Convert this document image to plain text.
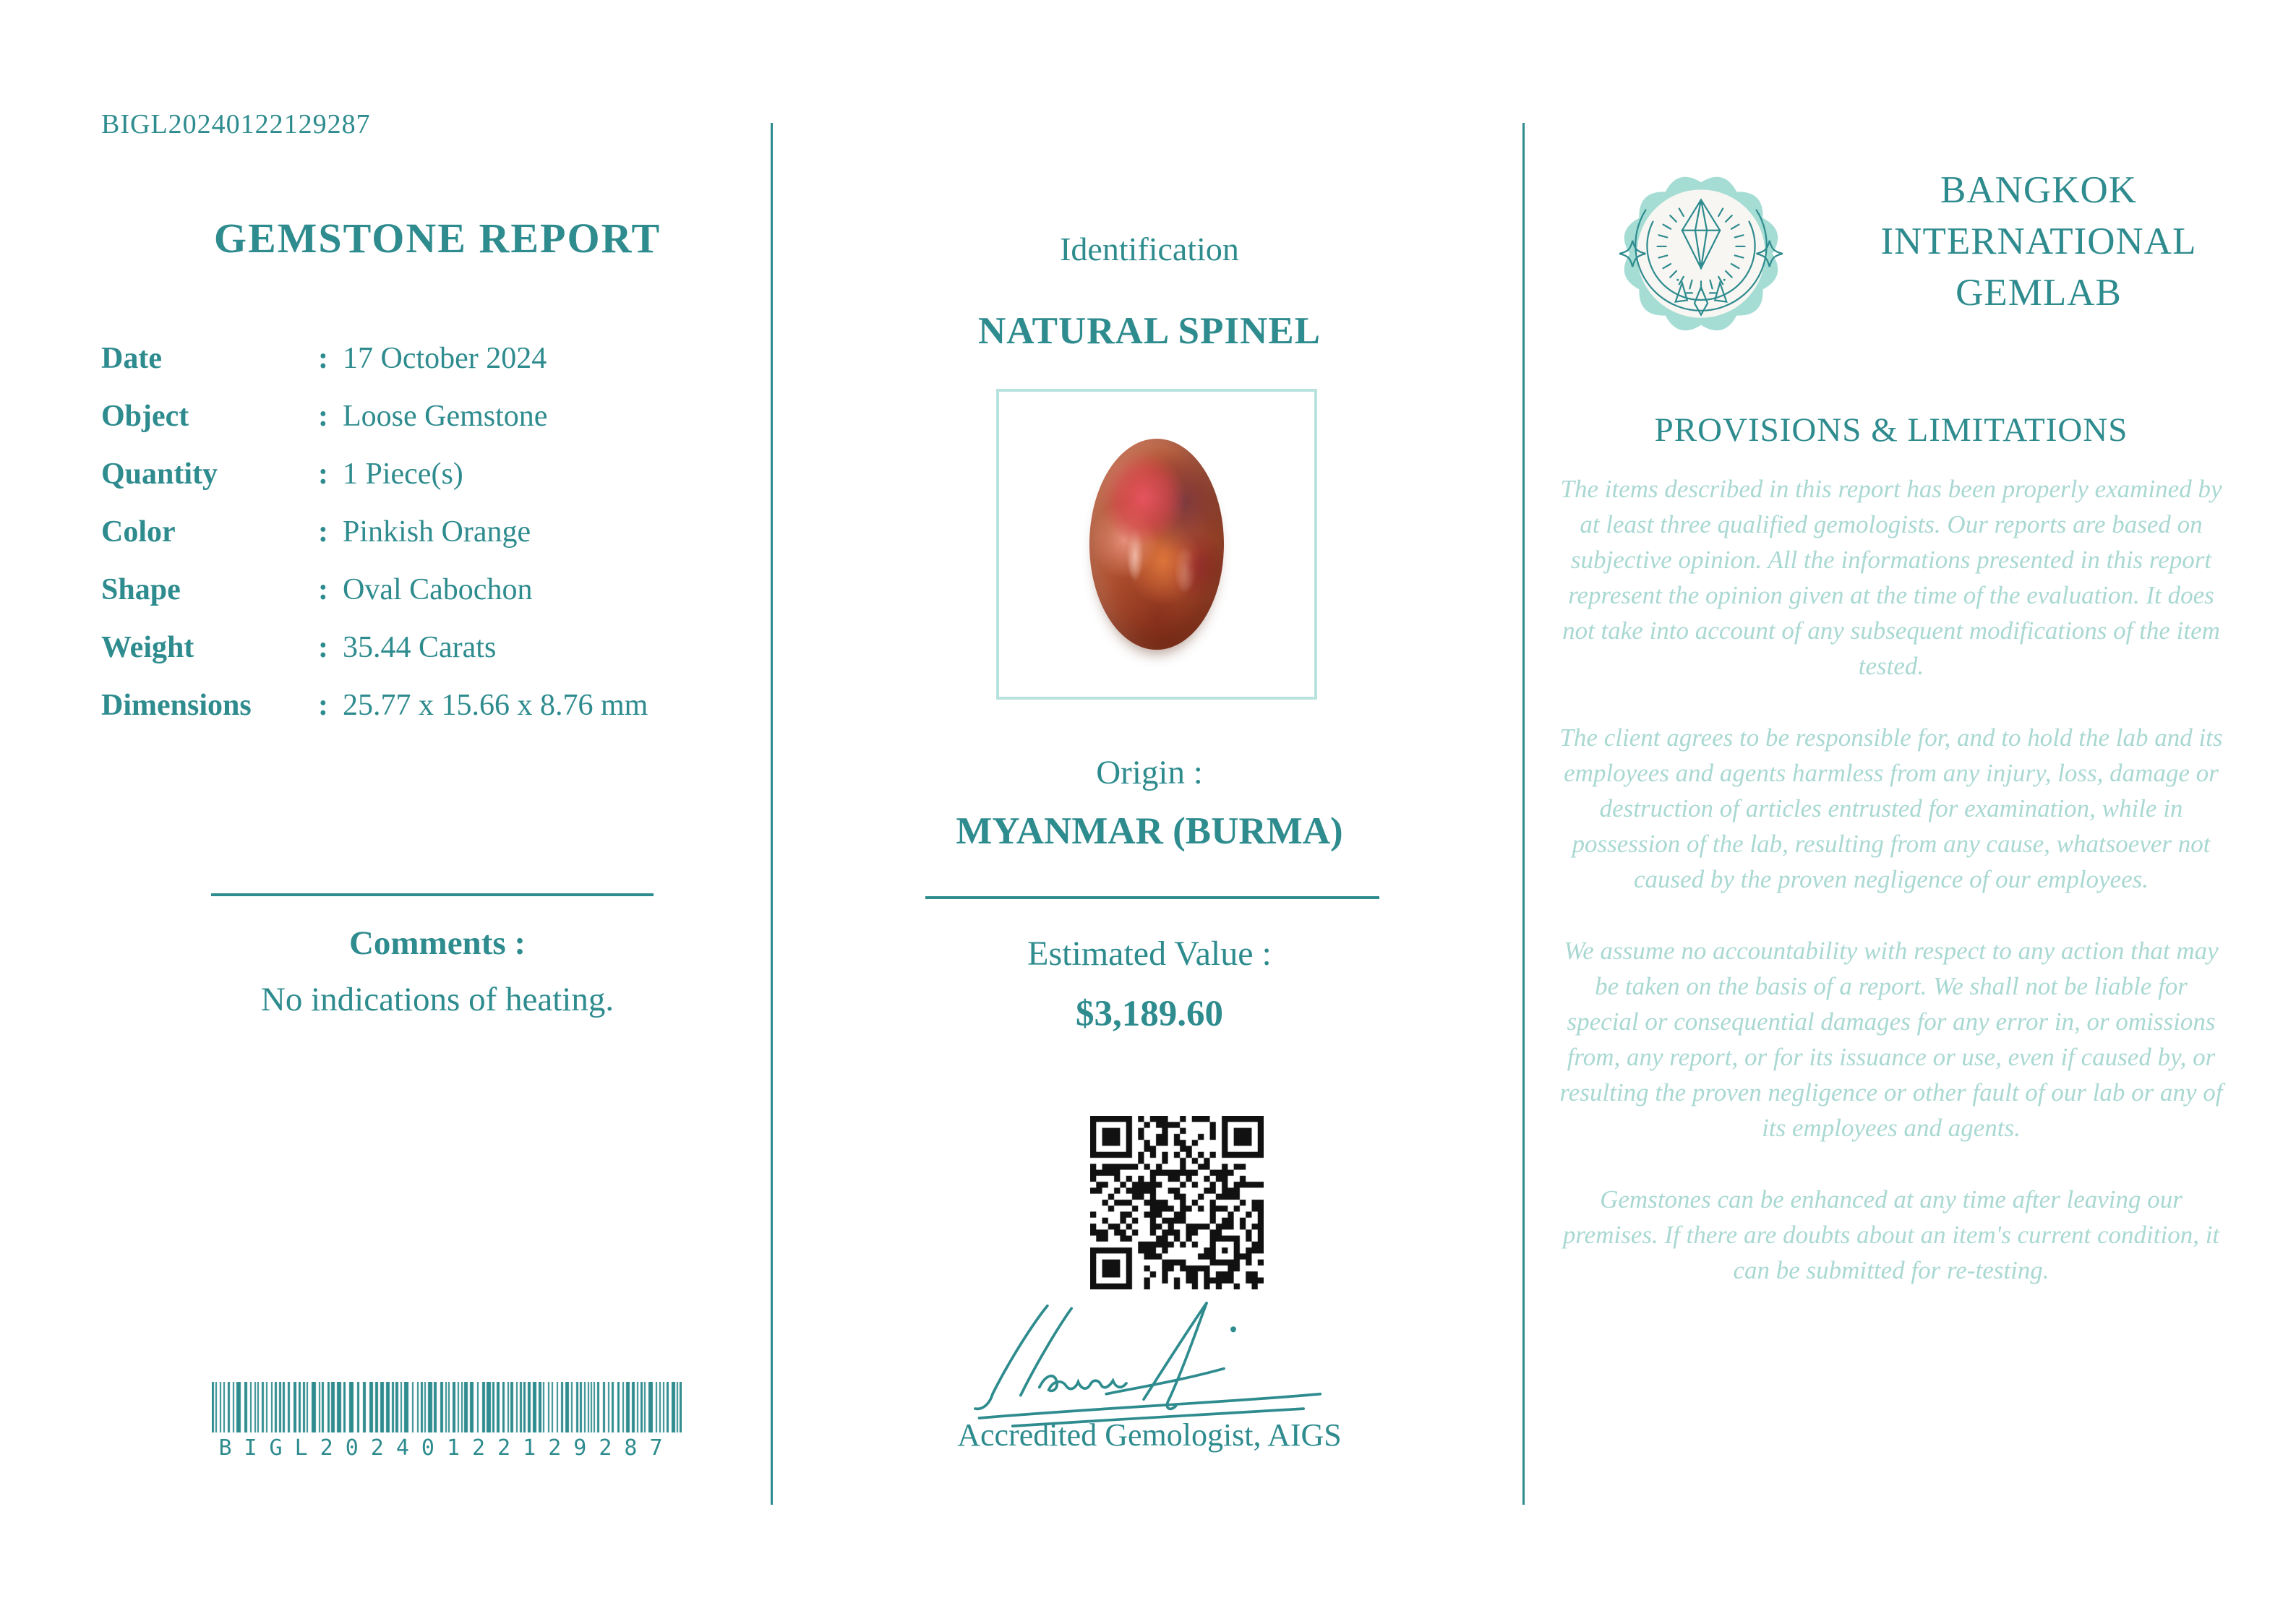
BIGL20240122129287
GEMSTONE REPORT
Date	: 17 October 2024
Object	: Loose Gemstone
Quantity	: 1 Piece(s)
Color	: Pinkish Orange
Shape	: Oval Cabochon
Weight	: 35.44 Carats
Dimensions	: 25.77 x 15.66 x 8.76 mm
Comments :
No indications of heating.
BIGL20240122129287
Identification
NATURAL SPINEL
Origin :
MYANMAR (BURMA)
Estimated Value :
$3,189.60
Accredited Gemologist, AIGS
BANGKOK
INTERNATIONAL
GEMLAB
PROVISIONS & LIMITATIONS

The items described in this report has been properly examined by at least three qualified gemologists. Our reports are based on subjective opinion. All the informations presented in this report represent the opinion given at the time of the evaluation. It does not take into account of any subsequent modifications of the item tested.

The client agrees to be responsible for, and to hold the lab and its employees and agents harmless from any injury, loss, damage or destruction of articles entrusted for examination, while in possession of the lab, resulting from any cause, whatsoever not caused by the proven negligence of our employees.

We assume no accountability with respect to any action that may be taken on the basis of a report. We shall not be liable for special or consequential damages for any error in, or omissions from, any report, or for its issuance or use, even if caused by, or resulting the proven negligence or other fault of our lab or any of its employees and agents.

Gemstones can be enhanced at any time after leaving our premises. If there are doubts about an item's current condition, it can be submitted for re-testing.
